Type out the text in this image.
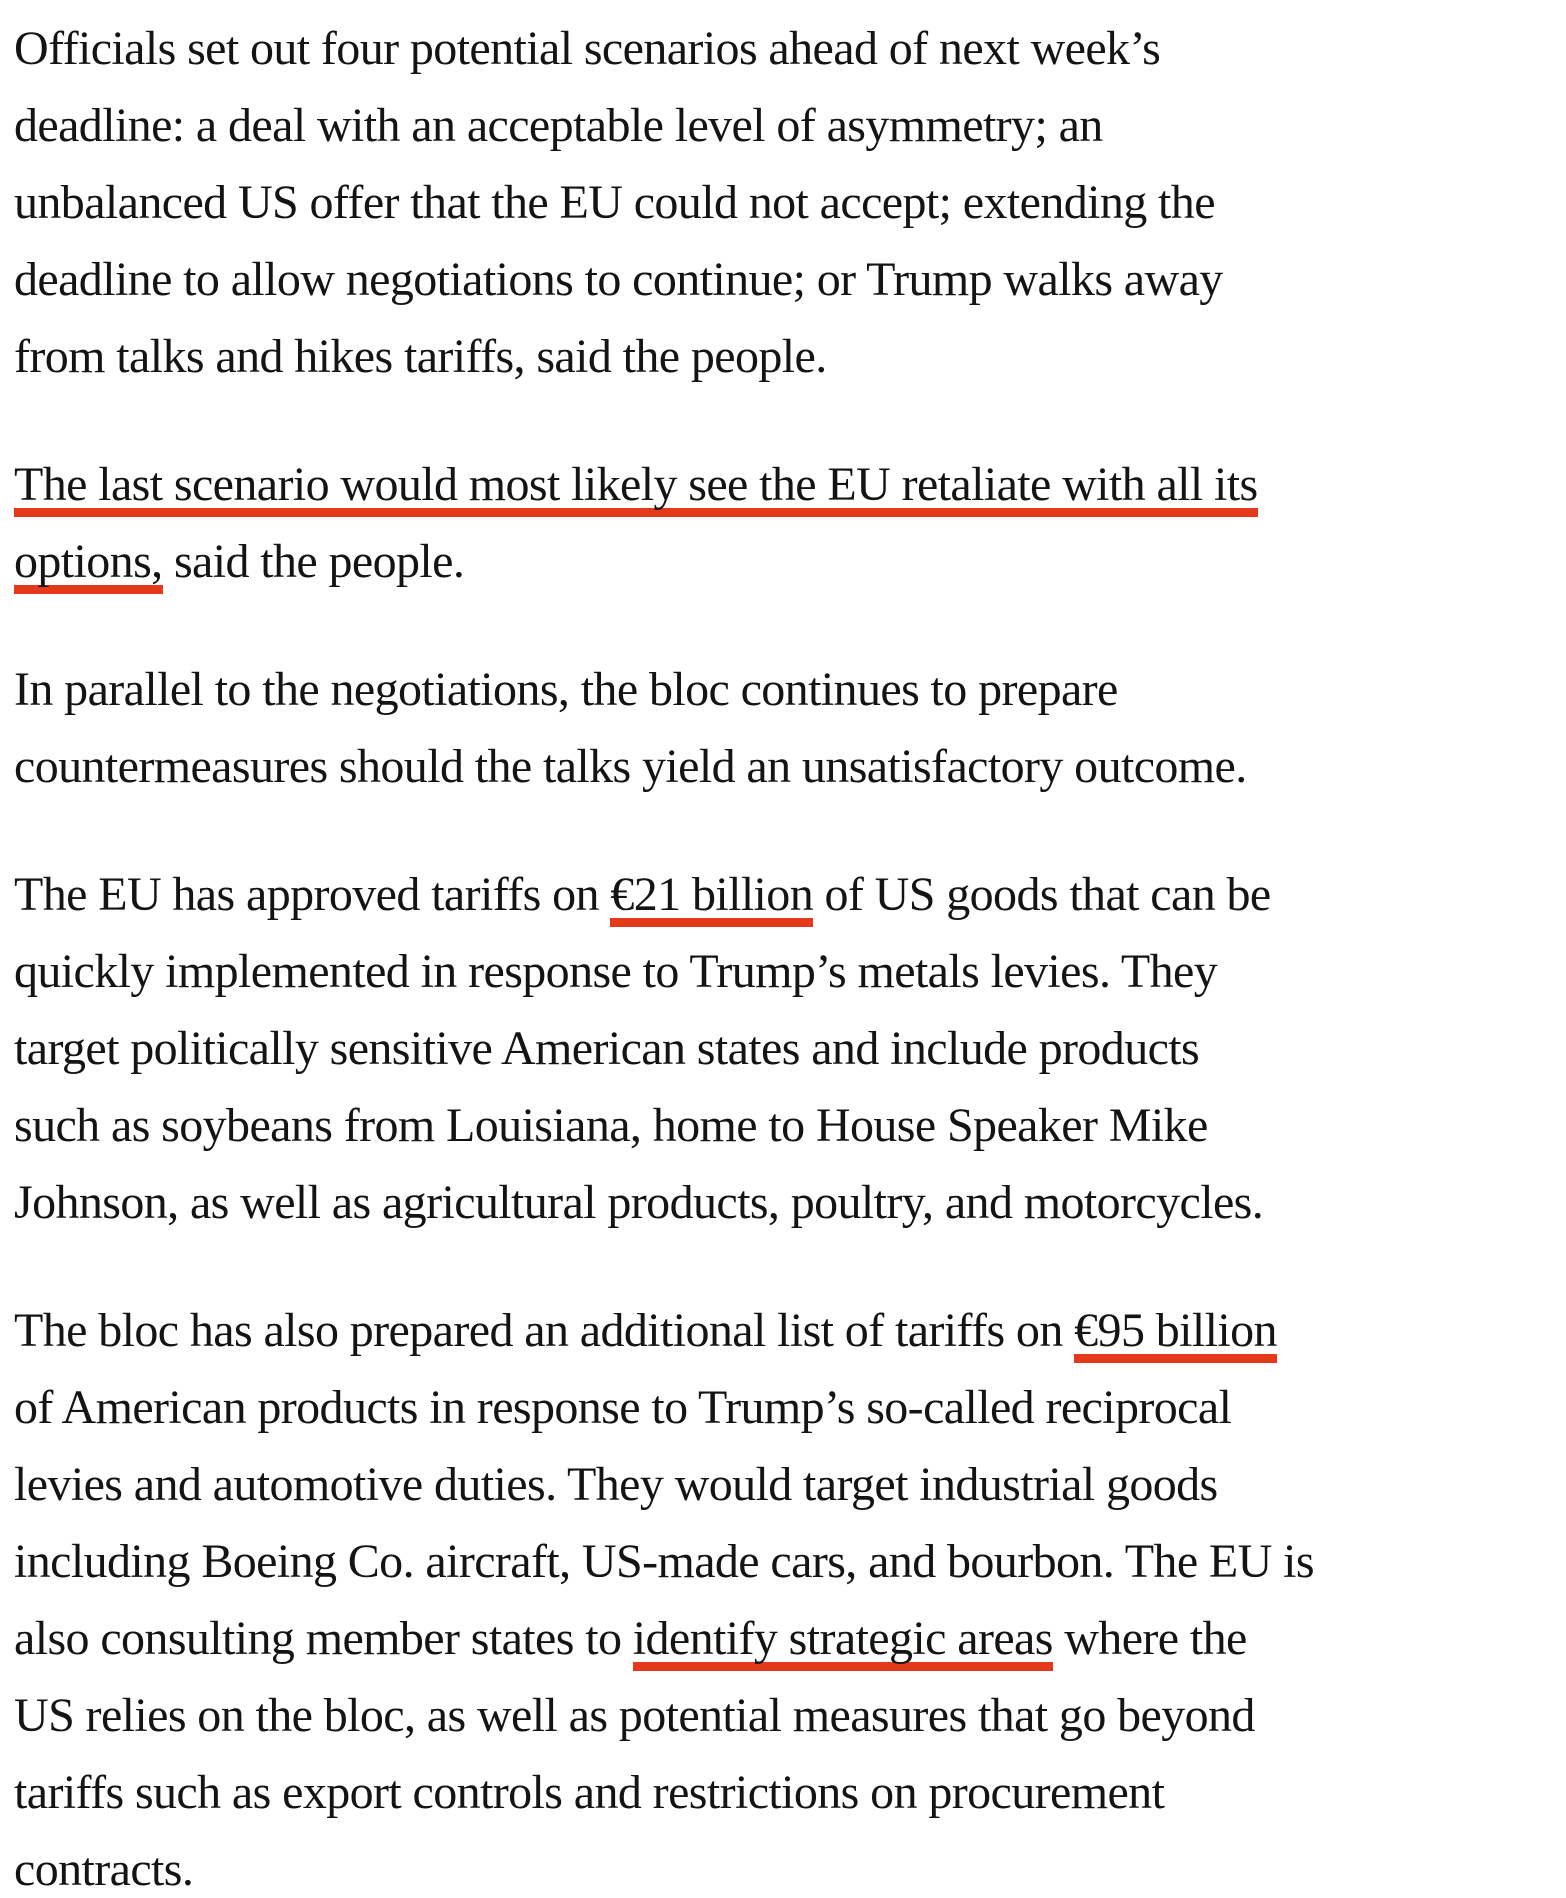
Officials set out four potential scenarios ahead of next week’s
deadline: a deal with an acceptable level of asymmetry; an
unbalanced US offer that the EU could not accept; extending the
deadline to allow negotiations to continue; or Trump walks away
from talks and hikes tariffs, said the people.

The last scenario would most likely see the EU retaliate with all its
options, said the people.

In parallel to the negotiations, the bloc continues to prepare
countermeasures should the talks yield an unsatisfactory outcome.

The EU has approved tariffs on €21 billion of US goods that can be
quickly implemented in response to Trump’s metals levies. They
target politically sensitive American states and include products
such as soybeans from Louisiana, home to House Speaker Mike
Johnson, as well as agricultural products, poultry, and motorcycles.

The bloc has also prepared an additional list of tariffs on €95 billion
of American products in response to Trump’s so-called reciprocal
levies and automotive duties. They would target industrial goods
including Boeing Co. aircraft, US-made cars, and bourbon. The EU is
also consulting member states to identify strategic areas where the
US relies on the bloc, as well as potential measures that go beyond
tariffs such as export controls and restrictions on procurement
contracts.
